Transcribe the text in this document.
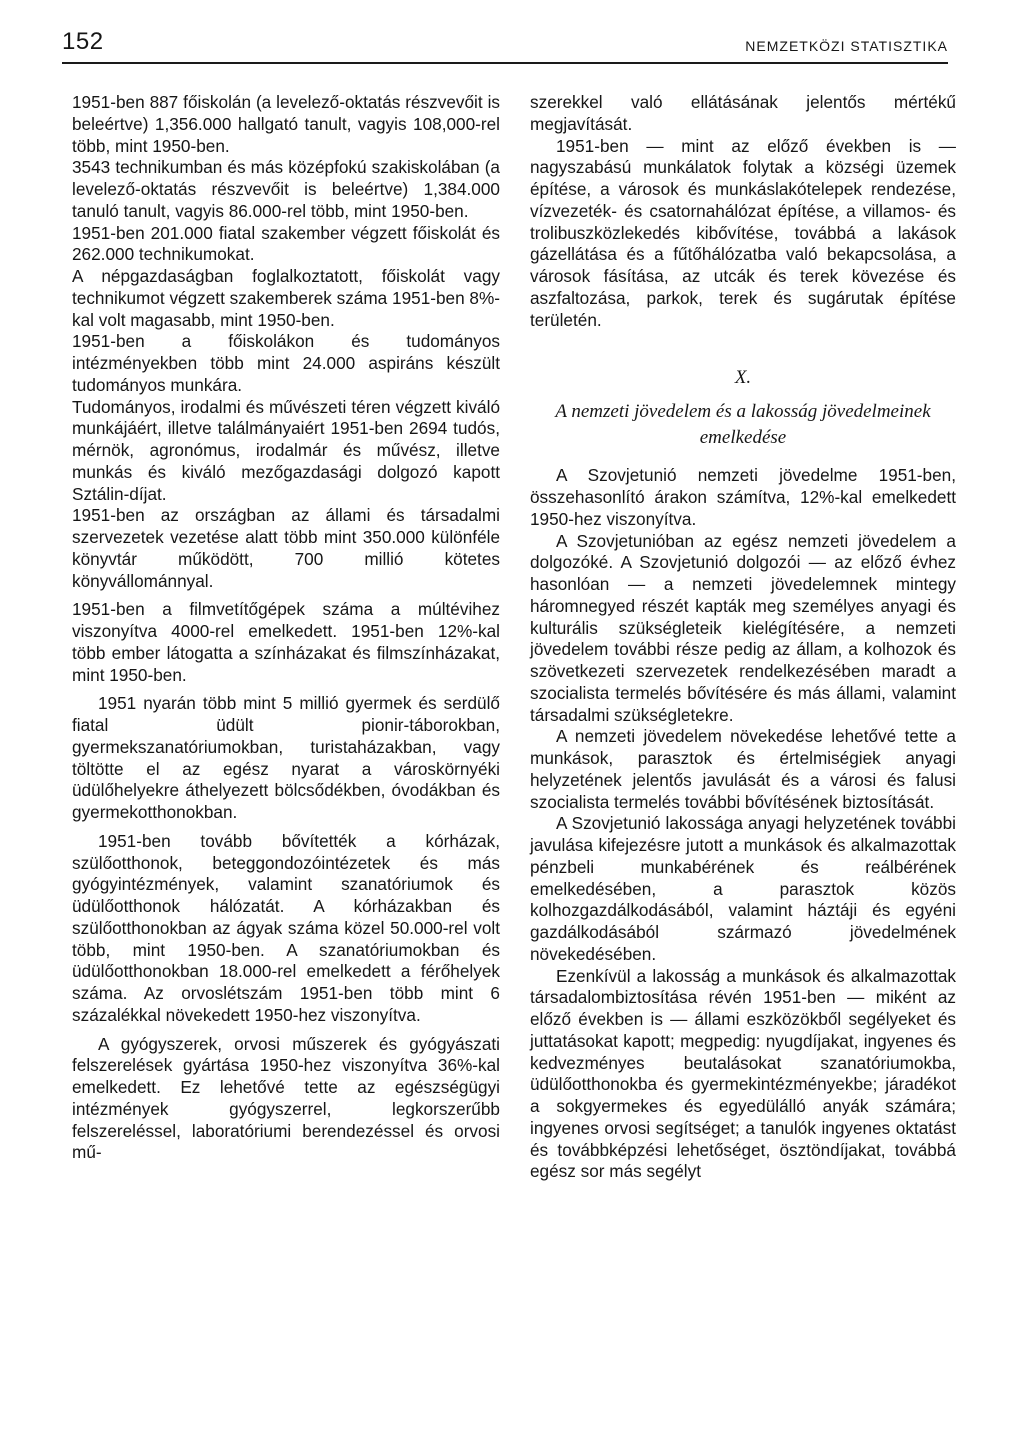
152	NEMZETKÖZI STATISZTIKA

1951-ben 887 főiskolán (a levelező-oktatás részvevőit is beleértve) 1,356.000 hallgató tanult, vagyis 108,000-rel több, mint 1950-ben.

3543 technikumban és más középfokú szakiskolában (a levelező-oktatás részvevőit is beleértve) 1,384.000 tanuló tanult, vagyis 86.000-rel több, mint 1950-ben.

1951-ben 201.000 fiatal szakember végzett főiskolát és 262.000 technikumokat.

A népgazdaságban foglalkoztatott, főiskolát vagy technikumot végzett szakemberek száma 1951-ben 8%-kal volt magasabb, mint 1950-ben.

1951-ben a főiskolákon és tudományos intézményekben több mint 24.000 aspiráns készült tudományos munkára.

Tudományos, irodalmi és művészeti téren végzett kiváló munkájáért, illetve találmányaiért 1951-ben 2694 tudós, mérnök, agronómus, irodalmár és művész, illetve munkás és kiváló mezőgazdasági dolgozó kapott Sztálin-díjat.

1951-ben az országban az állami és társadalmi szervezetek vezetése alatt több mint 350.000 különféle könyvtár működött, 700 millió kötetes könyvállománnyal.

1951-ben a filmvetítőgépek száma a múltévihez viszonyítva 4000-rel emelkedett. 1951-ben 12%-kal több ember látogatta a színházakat és filmszínházakat, mint 1950-ben.

1951 nyarán több mint 5 millió gyermek és serdülő fiatal üdült pionir-táborokban, gyermekszanatóriumokban, turistaházakban, vagy töltötte el az egész nyarat a városkörnyéki üdülőhelyekre áthelyezett bölcsődékben, óvodákban és gyermekotthonokban.

1951-ben tovább bővítették a kórházak, szülőotthonok, beteggondozóintézetek és más gyógyintézmények, valamint szanatóriumok és üdülőotthonok hálózatát. A kórházakban és szülőotthonokban az ágyak száma közel 50.000-rel volt több, mint 1950-ben. A szanatóriumokban és üdülőotthonokban 18.000-rel emelkedett a férőhelyek száma. Az orvoslétszám 1951-ben több mint 6 százalékkal növekedett 1950-hez viszonyítva.

A gyógyszerek, orvosi műszerek és gyógyászati felszerelések gyártása 1950-hez viszonyítva 36%-kal emelkedett. Ez lehetővé tette az egészségügyi intézmények gyógyszerrel, legkorszerűbb felszereléssel, laboratóriumi berendezéssel és orvosi mű-

szerekkel való ellátásának jelentős mértékű megjavítását.

1951-ben — mint az előző években is — nagyszabású munkálatok folytak a községi üzemek építése, a városok és munkáslakótelepek rendezése, vízvezeték- és csatornahálózat építése, a villamos- és trolibuszközlekedés kibővítése, továbbá a lakások gázellátása és a fűtőhálózatba való bekapcsolása, a városok fásítása, az utcák és terek kövezése és aszfaltozása, parkok, terek és sugárutak építése területén.

X.
A nemzeti jövedelem és a lakosság jövedelmeinek emelkedése

A Szovjetunió nemzeti jövedelme 1951-ben, összehasonlító árakon számítva, 12%-kal emelkedett 1950-hez viszonyítva.

A Szovjetunióban az egész nemzeti jövedelem a dolgozóké. A Szovjetunió dolgozói — az előző évhez hasonlóan — a nemzeti jövedelemnek mintegy háromnegyed részét kapták meg személyes anyagi és kulturális szükségleteik kielégítésére, a nemzeti jövedelem további része pedig az állam, a kolhozok és szövetkezeti szervezetek rendelkezésében maradt a szocialista termelés bővítésére és más állami, valamint társadalmi szükségletekre.

A nemzeti jövedelem növekedése lehetővé tette a munkások, parasztok és értelmiségiek anyagi helyzetének jelentős javulását és a városi és falusi szocialista termelés további bővítésének biztosítását.

A Szovjetunió lakossága anyagi helyzetének további javulása kifejezésre jutott a munkások és alkalmazottak pénzbeli munkabérének és reálbérének emelkedésében, a parasztok közös kolhozgazdálkodásából, valamint háztáji és egyéni gazdálkodásából származó jövedelmének növekedésében.

Ezenkívül a lakosság a munkások és alkalmazottak társadalombiztosítása révén 1951-ben — miként az előző években is — állami eszközökből segélyeket és juttatásokat kapott; megpedig: nyugdíjakat, ingyenes és kedvezményes beutalásokat szanatóriumokba, üdülőotthonokba és gyermekintézményekbe; járadékot a sokgyermekes és egyedülálló anyák számára; ingyenes orvosi segítséget; a tanulók ingyenes oktatást és továbbképzési lehetőséget, ösztöndíjakat, továbbá egész sor más segélyt
